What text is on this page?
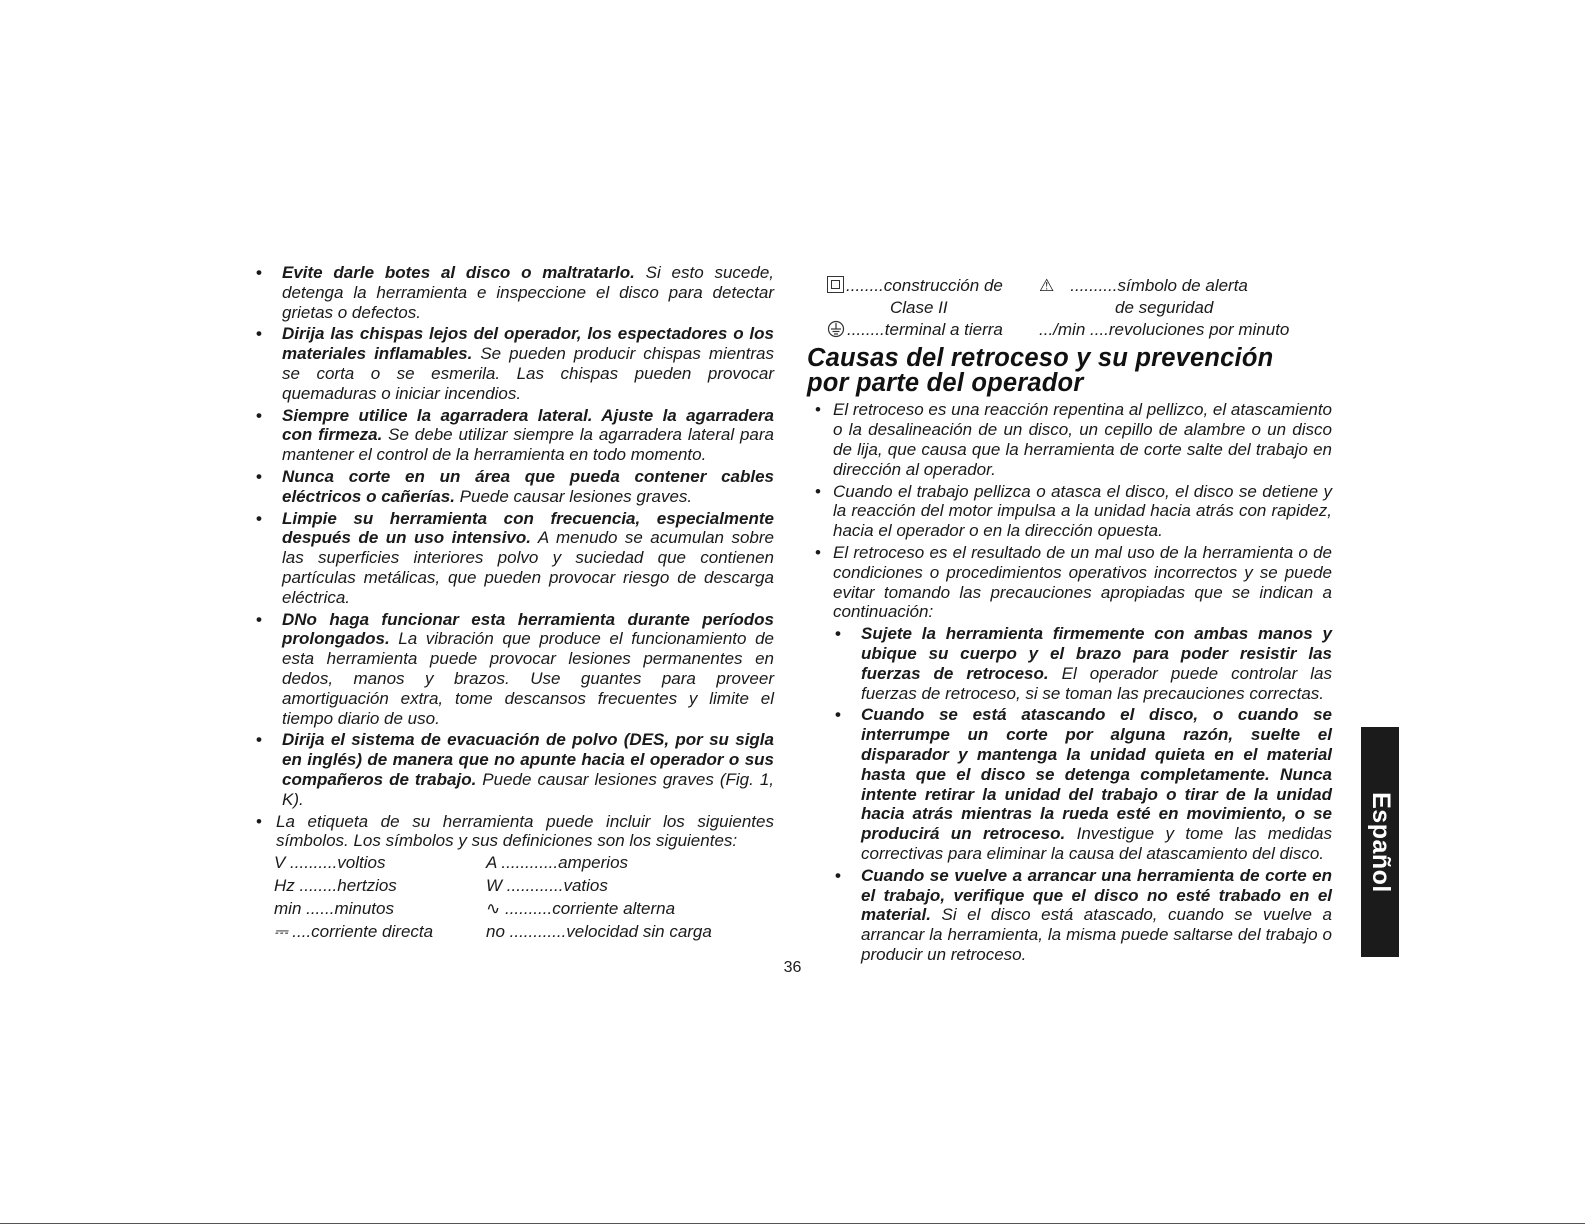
• Evite darle botes al disco o maltratarlo. Si esto sucede, detenga la herramienta e inspeccione el disco para detectar grietas o defectos.
• Dirija las chispas lejos del operador, los espectadores o los materiales inflamables. Se pueden producir chispas mientras se corta o se esmerila. Las chispas pueden provocar quemaduras o iniciar incendios.
• Siempre utilice la agarradera lateral. Ajuste la agarradera con firmeza. Se debe utilizar siempre la agarradera lateral para mantener el control de la herramienta en todo momento.
• Nunca corte en un área que pueda contener cables eléctricos o cañerías. Puede causar lesiones graves.
• Limpie su herramienta con frecuencia, especialmente después de un uso intensivo. A menudo se acumulan sobre las superficies interiores polvo y suciedad que contienen partículas metálicas, que pueden provocar riesgo de descarga eléctrica.
• DNo haga funcionar esta herramienta durante períodos prolongados. La vibración que produce el funcionamiento de esta herramienta puede provocar lesiones permanentes en dedos, manos y brazos. Use guantes para proveer amortiguación extra, tome descansos frecuentes y limite el tiempo diario de uso.
• Dirija el sistema de evacuación de polvo (DES, por su sigla en inglés) de manera que no apunte hacia el operador o sus compañeros de trabajo. Puede causar lesiones graves (Fig. 1, K).
• La etiqueta de su herramienta puede incluir los siguientes símbolos. Los símbolos y sus definiciones son los siguientes:
V ..........voltios	A ............amperios
Hz ........hertzios	W ............vatios
min ......minutos	∿ ..........corriente alterna
⎓ ....corriente directa	no ............velocidad sin carga
........construcción de	⚠ ..........símbolo de alerta
Clase II	de seguridad
........terminal a tierra	.../min ....revoluciones por minuto
Causas del retroceso y su prevención
por parte del operador
• El retroceso es una reacción repentina al pellizco, el atascamiento o la desalineación de un disco, un cepillo de alambre o un disco de lija, que causa que la herramienta de corte salte del trabajo en dirección al operador.
• Cuando el trabajo pellizca o atasca el disco, el disco se detiene y la reacción del motor impulsa a la unidad hacia atrás con rapidez, hacia el operador o en la dirección opuesta.
• El retroceso es el resultado de un mal uso de la herramienta o de condiciones o procedimientos operativos incorrectos y se puede evitar tomando las precauciones apropiadas que se indican a continuación:
• Sujete la herramienta firmemente con ambas manos y ubique su cuerpo y el brazo para poder resistir las fuerzas de retroceso. El operador puede controlar las fuerzas de retroceso, si se toman las precauciones correctas.
• Cuando se está atascando el disco, o cuando se interrumpe un corte por alguna razón, suelte el disparador y mantenga la unidad quieta en el material hasta que el disco se detenga completamente. Nunca intente retirar la unidad del trabajo o tirar de la unidad hacia atrás mientras la rueda esté en movimiento, o se producirá un retroceso. Investigue y tome las medidas correctivas para eliminar la causa del atascamiento del disco.
• Cuando se vuelve a arrancar una herramienta de corte en el trabajo, verifique que el disco no esté trabado en el material. Si el disco está atascado, cuando se vuelve a arrancar la herramienta, la misma puede saltarse del trabajo o producir un retroceso.
36
Español
